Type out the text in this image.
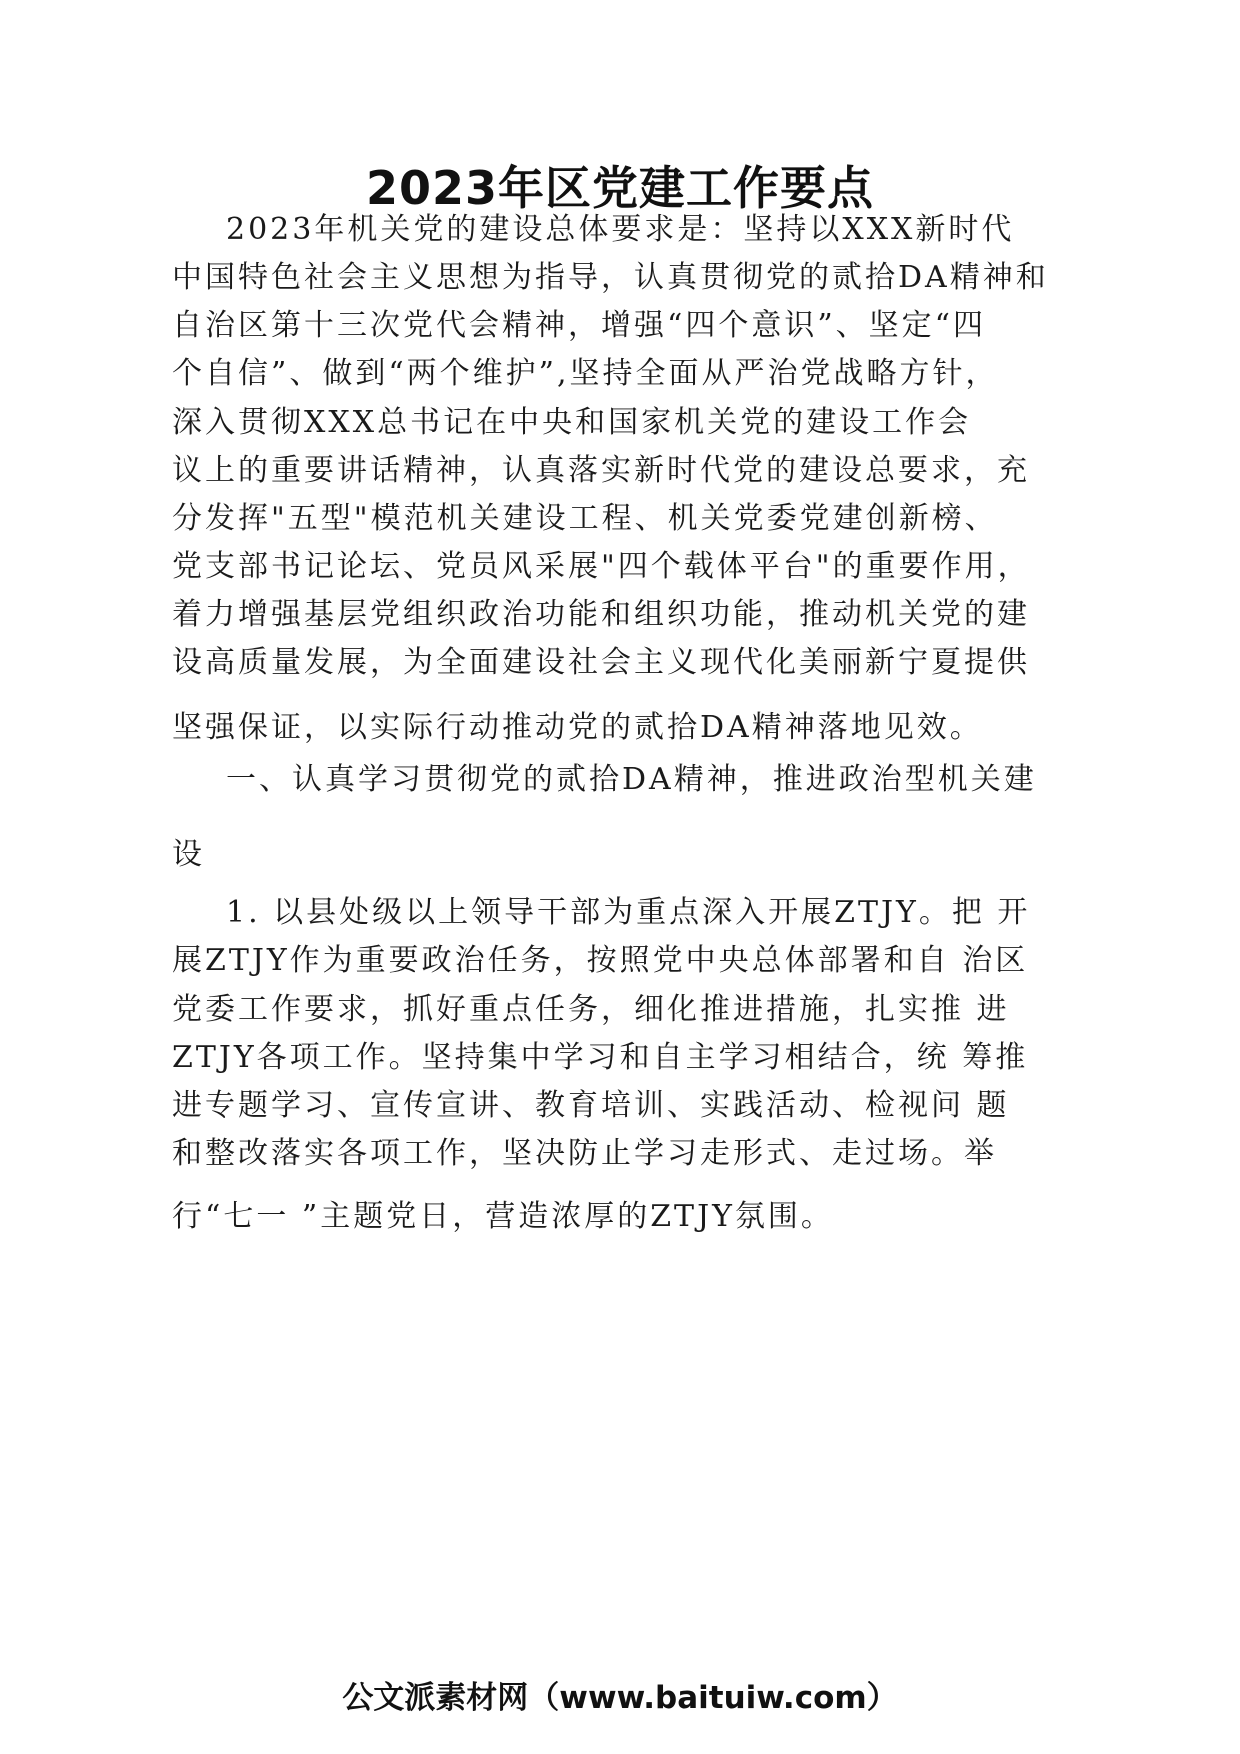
2023年区党建工作要点
2023年机关党的建设总体要求是：坚持以XXX新时代
中国特色社会主义思想为指导，认真贯彻党的贰拾DA精神和
自治区第十三次党代会精神，增强“四个意识”、坚定“四
个自信”、做到“两个维护”,坚持全面从严治党战略方针，
深入贯彻XXX总书记在中央和国家机关党的建设工作会
议上的重要讲话精神，认真落实新时代党的建设总要求，充
分发挥"五型"模范机关建设工程、机关党委党建创新榜、
党支部书记论坛、党员风采展"四个载体平台"的重要作用，
着力增强基层党组织政治功能和组织功能，推动机关党的建
设高质量发展，为全面建设社会主义现代化美丽新宁夏提供
坚强保证，以实际行动推动党的贰拾DA精神落地见效。
一、认真学习贯彻党的贰拾DA精神，推进政治型机关建
设
1. 以县处级以上领导干部为重点深入开展ZTJY。把 开
展ZTJY作为重要政治任务，按照党中央总体部署和自 治区
党委工作要求，抓好重点任务，细化推进措施，扎实推 进
ZTJY各项工作。坚持集中学习和自主学习相结合，统 筹推
进专题学习、宣传宣讲、教育培训、实践活动、检视问 题
和整改落实各项工作，坚决防止学习走形式、走过场。举
行“七一 ”主题党日，营造浓厚的ZTJY氛围。
公文派素材网（www.baituiw.com）
